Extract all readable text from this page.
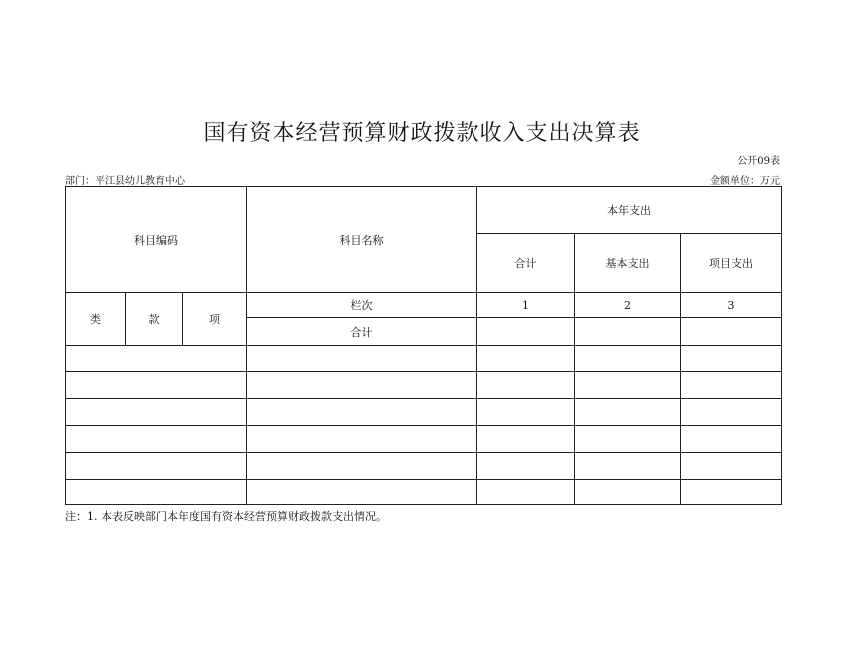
国有资本经营预算财政拨款收入支出决算表
公开09表
部门：平江县幼儿教育中心	金额单位：万元
科目编码			科目名称	本年支出		
				合计	基本支出	项目支出
类	款	项	栏次	1	2	3
			合计			

注：1. 本表反映部门本年度国有资本经营预算财政拨款支出情况。
